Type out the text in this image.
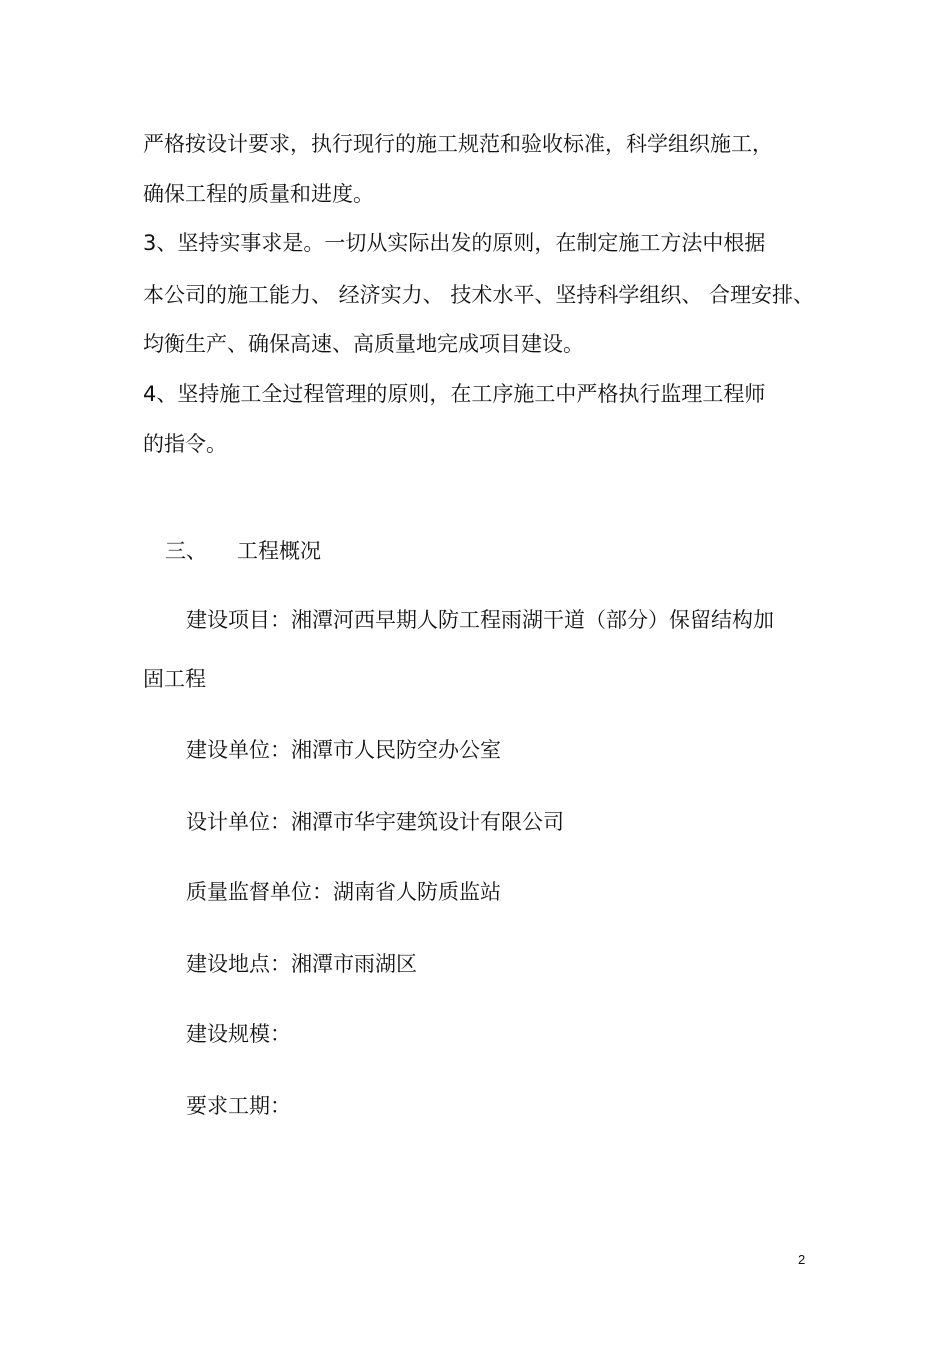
严格按设计要求，执行现行的施工规范和验收标准，科学组织施工，
确保工程的质量和进度。
3、坚持实事求是。一切从实际出发的原则，在制定施工方法中根据
本公司的施工能力、 经济实力、 技术水平、坚持科学组织、 合理安排、
均衡生产、确保高速、高质量地完成项目建设。
4、坚持施工全过程管理的原则，在工序施工中严格执行监理工程师
的指令。
三、 工程概况
建设项目：湘潭河西早期人防工程雨湖干道（部分）保留结构加
固工程
建设单位：湘潭市人民防空办公室
设计单位：湘潭市华宇建筑设计有限公司
质量监督单位：湖南省人防质监站
建设地点：湘潭市雨湖区
建设规模：
要求工期：
2
